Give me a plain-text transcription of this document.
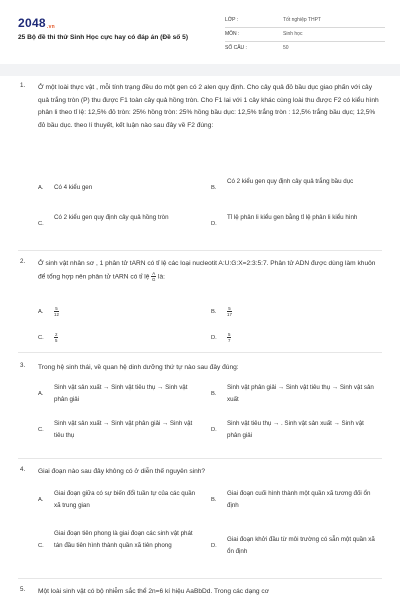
2048.vn
25 Bộ đề thi thử Sinh Học cực hay có đáp án (Đề số 5)
LỚP :	Tốt nghiệp THPT
MÔN :	Sinh học
SỐ CÂU :	50
1. Ở một loài thực vật , mỗi tính trạng đều do một gen có 2 alen quy định. Cho cây quả đỏ bầu dục giao phấn với cây quả trắng tròn (P) thu được F1 toàn cây quả hồng tròn. Cho F1 lai với 1 cây khác cùng loài thu được F2 có kiểu hình phân li theo tỉ lệ: 12,5% đỏ tròn: 25% hồng tròn: 25% hồng bầu dục: 12,5% trắng tròn : 12,5% trắng bầu dục; 12,5% đỏ bầu dục. theo lí thuyết, kết luận nào sau đây về F2 đúng:
A. Có 4 kiểu gen	B.
Có 2 kiểu gen quy định cây quả trắng bầu dục
C.
Có 2 kiểu gen quy định cây quả hồng tròn
D.
Tỉ lệ phân li kiểu gen bằng tỉ lệ phân li kiểu hình
2. Ở sinh vật nhân sơ , 1 phân tử tARN có tỉ lệ các loại nucleotit A:U:G:X=2:3:5:7. Phân tử ADN được dùng làm khuôn để tổng hợp nên phân tử tARN có tỉ lệ $\frac{A}{G}$ là:
A. $\frac{5}{12}$	B. $\frac{5}{17}$
C. $\frac{2}{5}$	D. $\frac{5}{7}$
3. Trong hệ sinh thái, về quan hệ dinh dưỡng thứ tự nào sau đây đúng:
A.
Sinh vật sản xuất → Sinh vật tiêu thụ → Sinh vật phân giải
B.
Sinh vật phân giải → Sinh vật tiêu thụ → Sinh vật sản xuất
C.
Sinh vật sản xuất → Sinh vật phân giải → Sinh vật tiêu thụ
D.
Sinh vật tiêu thụ → . Sinh vật sản xuất → Sinh vật phân giải
4. Giai đoạn nào sau đây không có ở diễn thế nguyên sinh?
A.
Giai đoạn giữa có sự biến đổi tuần tự của các quần xã trung gian
B.
Giai đoạn cuối hình thành một quần xã tương đối ổn định
C.
Giai đoạn tiên phong là giai đoạn các sinh vật phát tán đầu tiên hình thành quần xã tiên phong	D.
Giai đoạn khởi đầu từ môi trường có sẵn một quần xã ổn định
5. Một loài sinh vật có bộ nhiễm sắc thể 2n=6 kí hiệu AaBbDd. Trong các dạng cơ
